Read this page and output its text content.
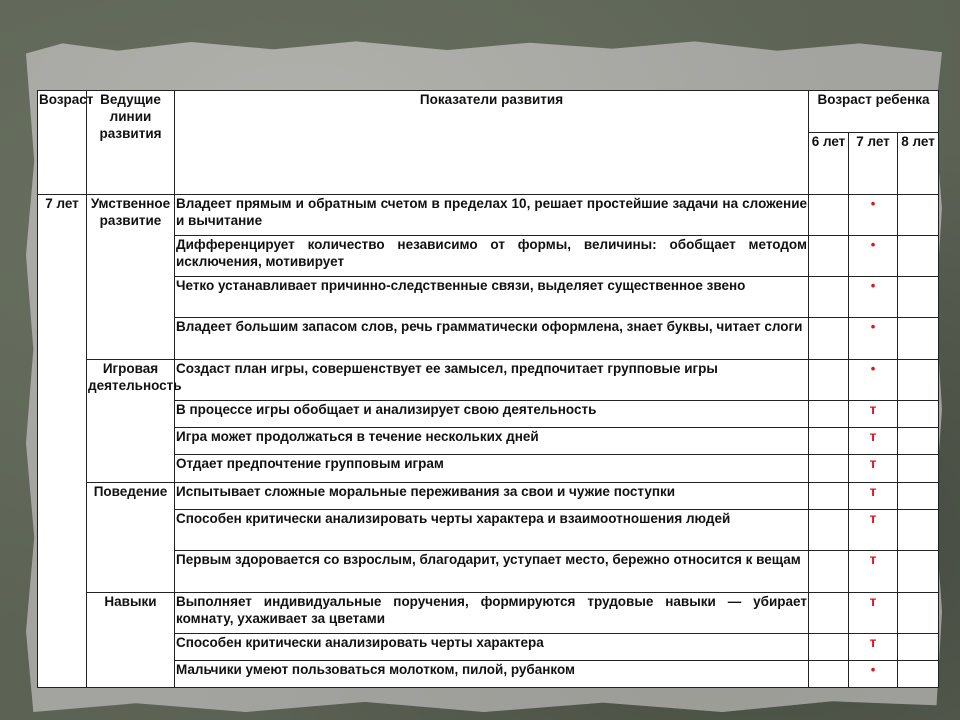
Возраст	Ведущие линии развития	Показатели развития	Возраст ребенка		
			6 лет	7 лет	8 лет
7 лет	Умственное развитие	Владеет прямым и обратным счетом в пределах 10, решает простейшие задачи на сложение и вычитание		•	
		Дифференцирует количество независимо от формы, величины: обобщает методом исключения, мотивирует		•	
		Четко устанавливает причинно-следственные связи, выделяет существенное звено		•	
		Владеет большим запасом слов, речь грамматически оформлена, знает буквы, читает слоги		•	
	Игровая деятельность	Создаст план игры, совершенствует ее замысел, предпочитает групповые игры		•	
		В процессе игры обобщает и анализирует свою деятельность		т	
		Игра может продолжаться в течение нескольких дней		т	
		Отдает предпочтение групповым играм		т	
	Поведение	Испытывает сложные моральные переживания за свои и чужие поступки		т	
		Способен критически анализировать черты характера и взаимоотношения людей		т	
		Первым здоровается со взрослым, благодарит, уступает место, бережно относится к вещам		т	
	Навыки	Выполняет индивидуальные поручения, формируются трудовые навыки — убирает комнату, ухаживает за цветами		т	
		Способен критически анализировать черты характера		т	
		Мальчики умеют пользоваться молотком, пилой, рубанком		•	
